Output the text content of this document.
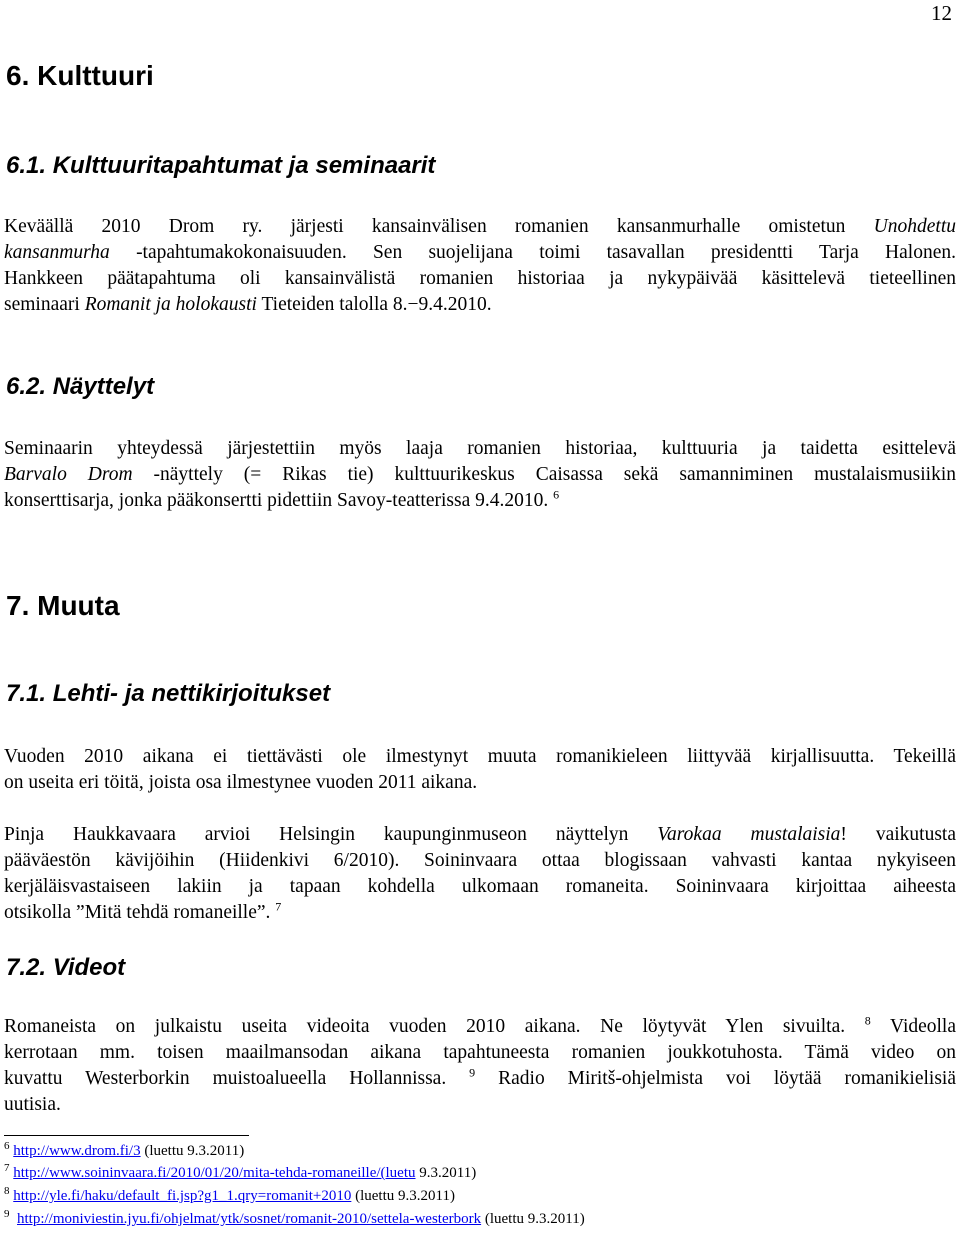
12
6. Kulttuuri
6.1. Kulttuuritapahtumat ja seminaarit
Keväällä 2010 Drom ry. järjesti kansainvälisen romanien kansanmurhalle omistetun Unohdettu
kansanmurha -tapahtumakokonaisuuden. Sen suojelijana toimi tasavallan presidentti Tarja Halonen.
Hankkeen päätapahtuma oli kansainvälistä romanien historiaa ja nykypäivää käsittelevä tieteellinen
seminaari Romanit ja holokausti Tieteiden talolla 8.−9.4.2010.
6.2. Näyttelyt
Seminaarin yhteydessä järjestettiin myös laaja romanien historiaa, kulttuuria ja taidetta esittelevä
Barvalo Drom -näyttely (= Rikas tie) kulttuurikeskus Caisassa sekä samanniminen mustalaismusiikin
konserttisarja, jonka pääkonsertti pidettiin Savoy-teatterissa 9.4.2010. $^6$
7. Muuta
7.1. Lehti- ja nettikirjoitukset
Vuoden 2010 aikana ei tiettävästi ole ilmestynyt muuta romanikieleen liittyvää kirjallisuutta. Tekeillä
on useita eri töitä, joista osa ilmestynee vuoden 2011 aikana.
Pinja Haukkavaara arvioi Helsingin kaupunginmuseon näyttelyn Varokaa mustalaisia! vaikutusta
pääväestön kävijöihin (Hiidenkivi 6/2010). Soininvaara ottaa blogissaan vahvasti kantaa nykyiseen
kerjäläisvastaiseen lakiin ja tapaan kohdella ulkomaan romaneita. Soininvaara kirjoittaa aiheesta
otsikolla ”Mitä tehdä romaneille”. $^7$
7.2. Videot
Romaneista on julkaistu useita videoita vuoden 2010 aikana. Ne löytyvät Ylen sivuilta. $^8$ Videolla
kerrotaan mm. toisen maailmansodan aikana tapahtuneesta romanien joukkotuhosta. Tämä video on
kuvattu Westerborkin muistoalueella Hollannissa. $^9$ Radio Miritš-ohjelmista voi löytää romanikielisiä
uutisia.
$^6$ http://www.drom.fi/3 (luettu 9.3.2011)
$^7$ http://www.soininvaara.fi/2010/01/20/mita-tehda-romaneille/(luetu 9.3.2011)
$^8$ http://yle.fi/haku/default_fi.jsp?g1_1.qry=romanit+2010 (luettu 9.3.2011)
$^9$ http://moniviestin.jyu.fi/ohjelmat/ytk/sosnet/romanit-2010/settela-westerbork (luettu 9.3.2011)
